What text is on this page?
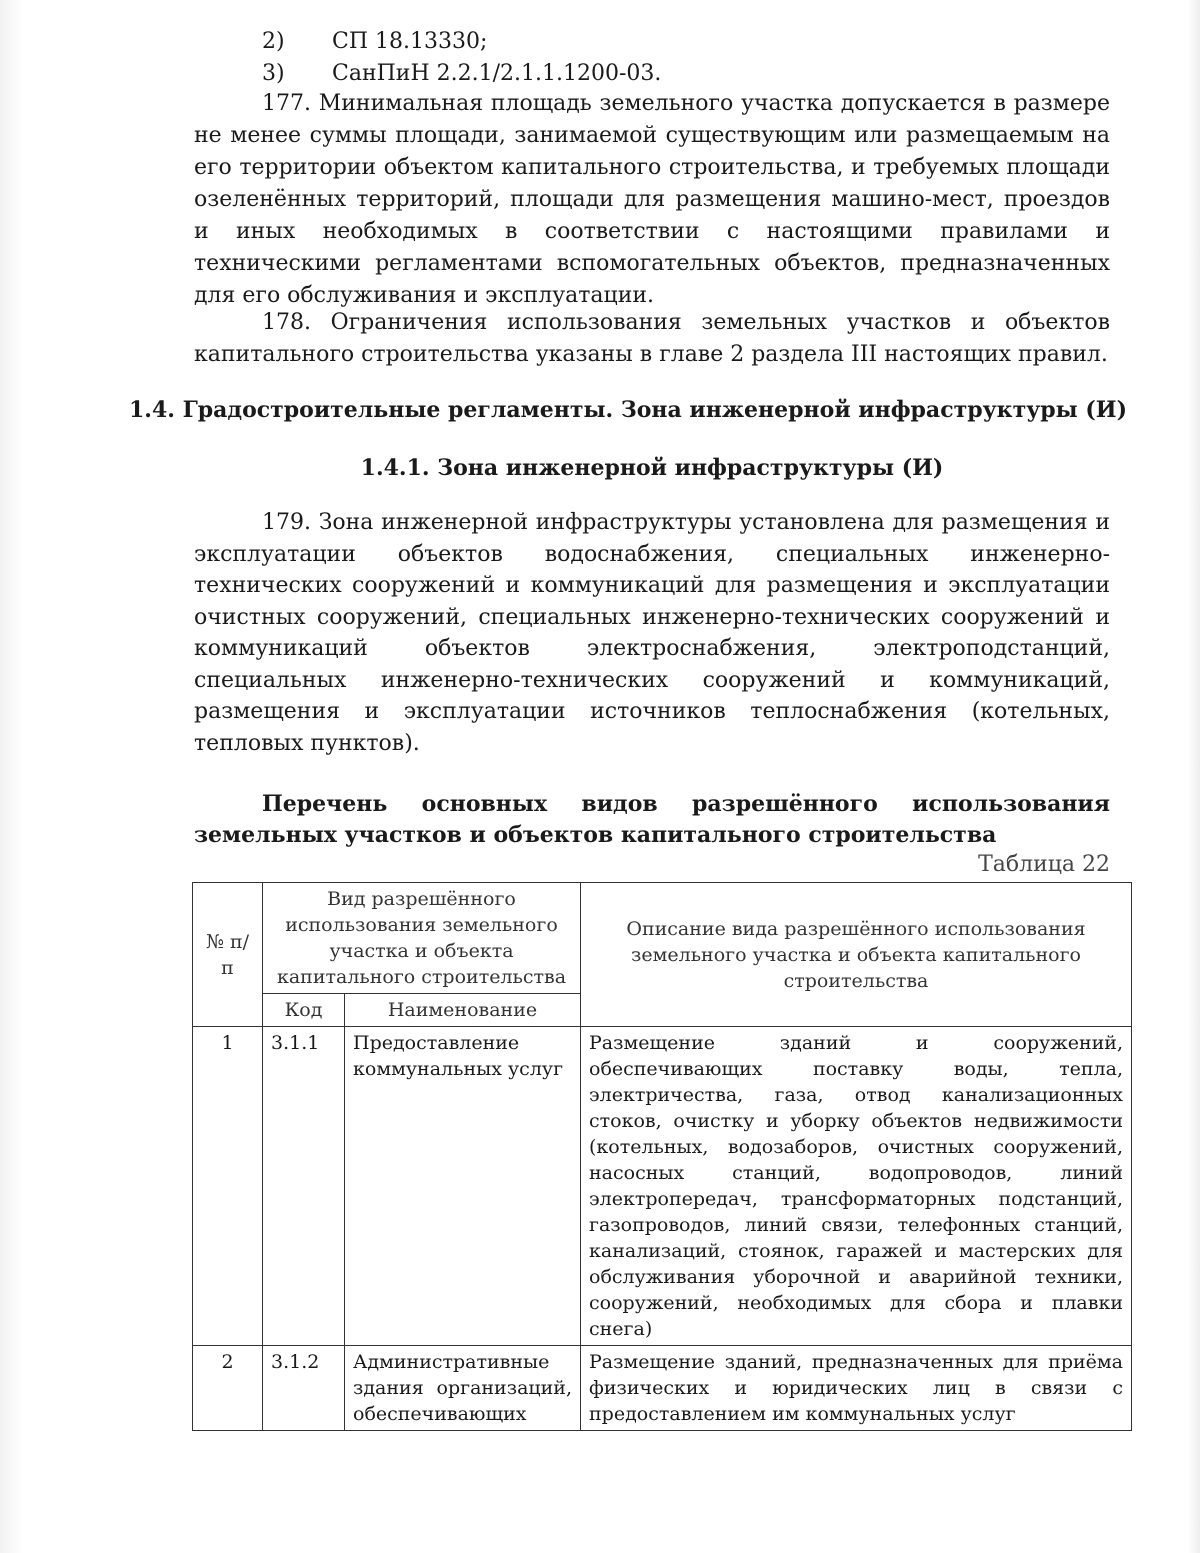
2) СП 18.13330;
3) СанПиН 2.2.1/2.1.1.1200-03.

177. Минимальная площадь земельного участка допускается в размере не менее суммы площади, занимаемой существующим или размещаемым на его территории объектом капитального строительства, и требуемых площади озеленённых территорий, площади для размещения машино-мест, проездов и иных необходимых в соответствии с настоящими правилами и техническими регламентами вспомогательных объектов, предназначенных для его обслуживания и эксплуатации.

178. Ограничения использования земельных участков и объектов капитального строительства указаны в главе 2 раздела III настоящих правил.

1.4. Градостроительные регламенты. Зона инженерной инфраструктуры (И)
1.4.1. Зона инженерной инфраструктуры (И)

179. Зона инженерной инфраструктуры установлена для размещения и эксплуатации объектов водоснабжения, специальных инженерно-технических сооружений и коммуникаций для размещения и эксплуатации очистных сооружений, специальных инженерно-технических сооружений и коммуникаций объектов электроснабжения, электроподстанций, специальных инженерно-технических сооружений и коммуникаций, размещения и эксплуатации источников теплоснабжения (котельных, тепловых пунктов).

Перечень основных видов разрешённого использования земельных участков и объектов капитального строительства

Таблица 22
№ п/п	Вид разрешённого использования земельного участка и объекта капитального строительства		Описание вида разрешённого использования земельного участка и объекта капитального строительства
	Код	Наименование	
1	3.1.1	Предоставление коммунальных услуг	Размещение зданий и сооружений, обеспечивающих поставку воды, тепла, электричества, газа, отвод канализационных стоков, очистку и уборку объектов недвижимости (котельных, водозаборов, очистных сооружений, насосных станций, водопроводов, линий электропередач, трансформаторных подстанций, газопроводов, линий связи, телефонных станций, канализаций, стоянок, гаражей и мастерских для обслуживания уборочной и аварийной техники, сооружений, необходимых для сбора и плавки снега)
2	3.1.2	Административные здания организаций, обеспечивающих	Размещение зданий, предназначенных для приёма физических и юридических лиц в связи с предоставлением им коммунальных услуг
